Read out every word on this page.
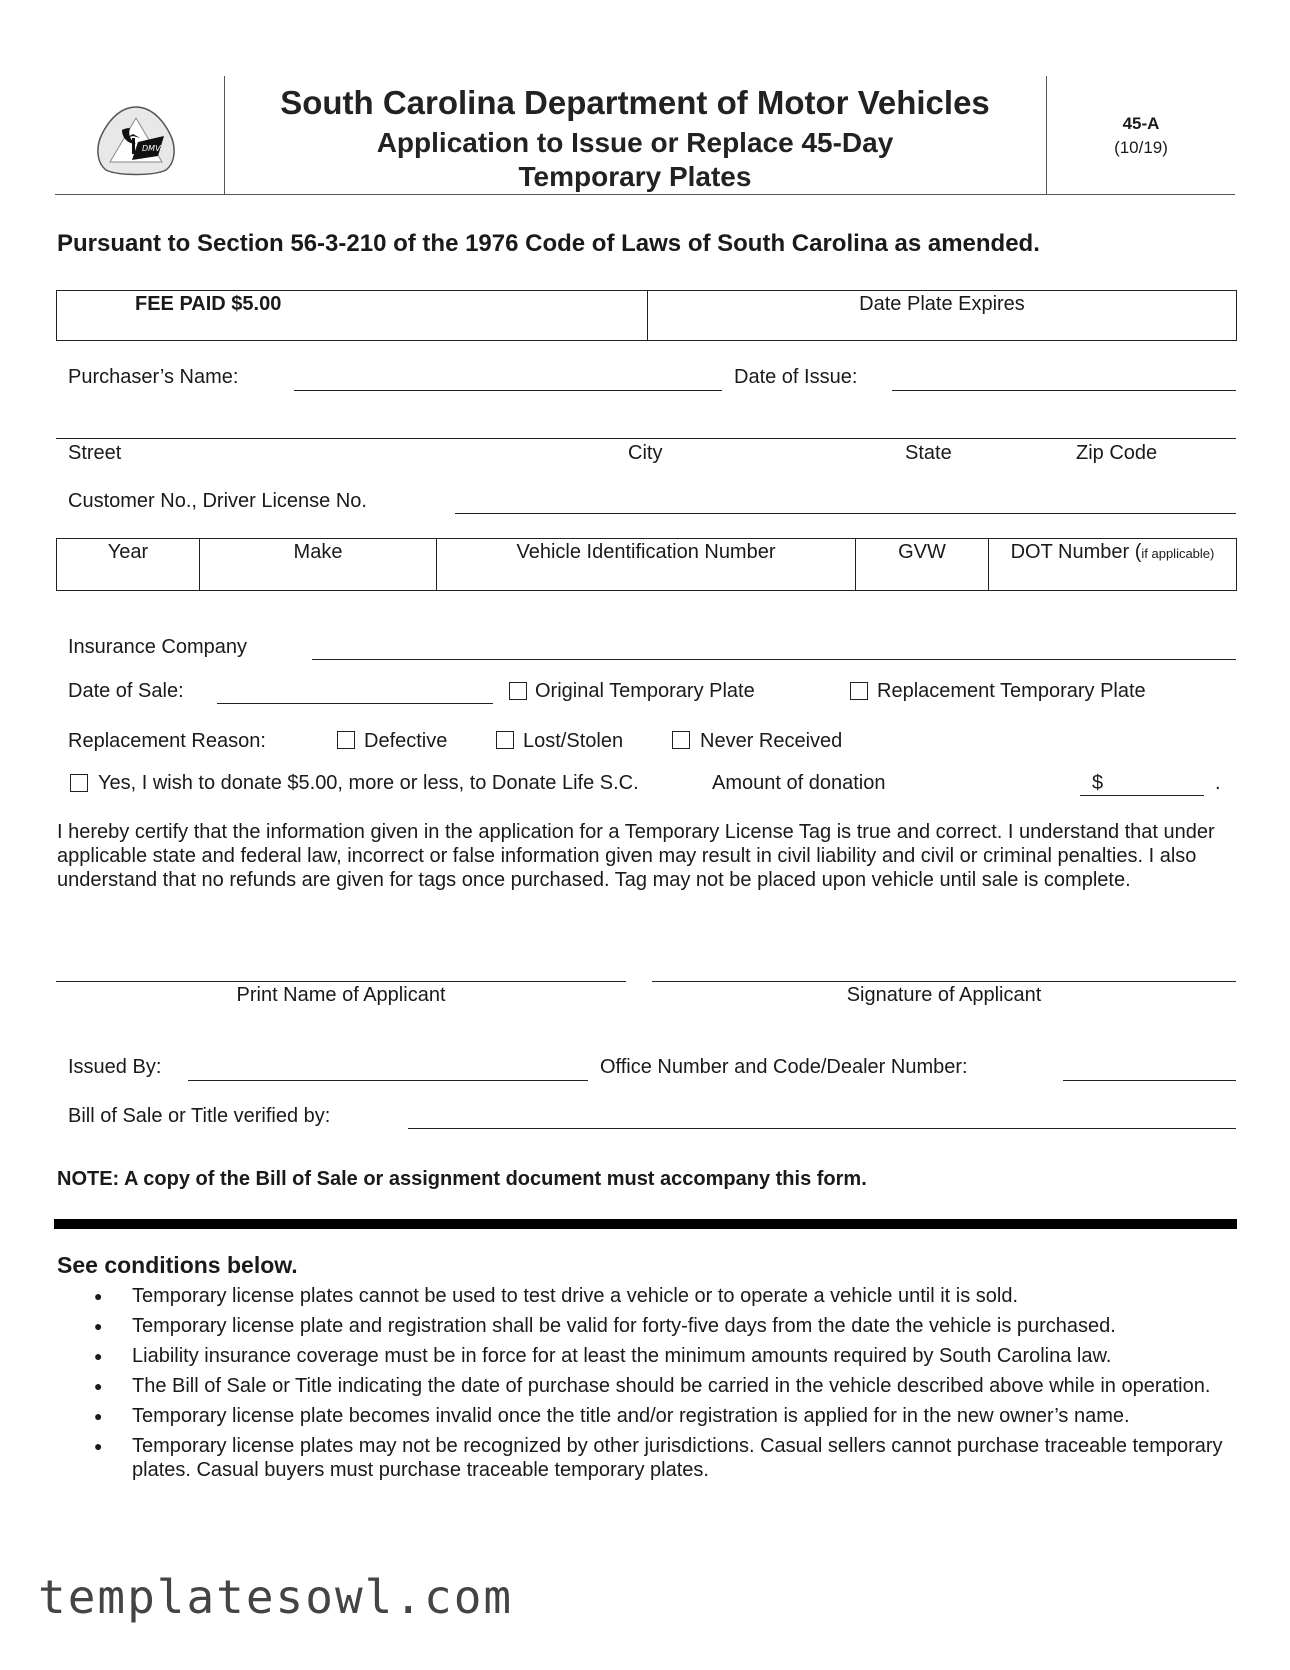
DMV
South Carolina Department of Motor Vehicles
Application to Issue or Replace 45-Day
Temporary Plates
45-A
(10/19)
Pursuant to Section 56-3-210 of the 1976 Code of Laws of South Carolina as amended.
FEE PAID $5.00	Date Plate Expires
Purchaser’s Name:	Date of Issue:
Street	City	State	Zip Code
Customer No., Driver License No.
Year	Make	Vehicle Identification Number	GVW	DOT Number (if applicable)
Insurance Company
Date of Sale:	Original Temporary Plate	Replacement Temporary Plate
Replacement Reason:	Defective	Lost/Stolen	Never Received
Yes, I wish to donate $5.00, more or less, to Donate Life S.C.	Amount of donation	$	.
I hereby certify that the information given in the application for a Temporary License Tag is true and correct. I understand that under applicable state and federal law, incorrect or false information given may result in civil liability and civil or criminal penalties. I also understand that no refunds are given for tags once purchased. Tag may not be placed upon vehicle until sale is complete.
Print Name of Applicant	Signature of Applicant
Issued By:	Office Number and Code/Dealer Number:
Bill of Sale or Title verified by:
NOTE: A copy of the Bill of Sale or assignment document must accompany this form.
See conditions below.
● Temporary license plates cannot be used to test drive a vehicle or to operate a vehicle until it is sold.
● Temporary license plate and registration shall be valid for forty-five days from the date the vehicle is purchased.
● Liability insurance coverage must be in force for at least the minimum amounts required by South Carolina law.
● The Bill of Sale or Title indicating the date of purchase should be carried in the vehicle described above while in operation.
● Temporary license plate becomes invalid once the title and/or registration is applied for in the new owner’s name.
● Temporary license plates may not be recognized by other jurisdictions. Casual sellers cannot purchase traceable temporary plates. Casual buyers must purchase traceable temporary plates.
templatesowl.com
